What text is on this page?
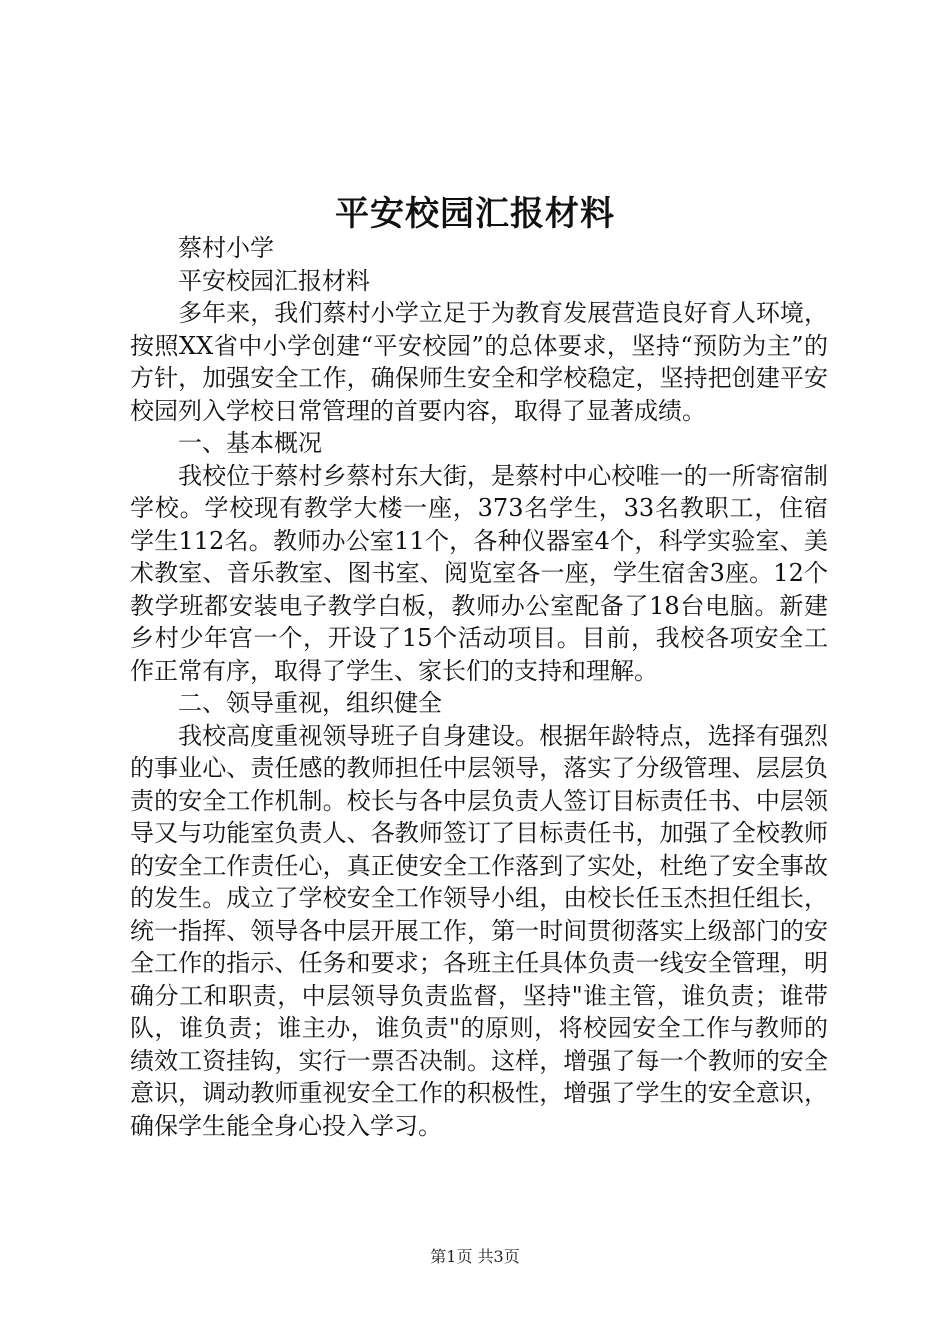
平安校园汇报材料

蔡村小学

平安校园汇报材料

多年来，我们蔡村小学立足于为教育发展营造良好育人环境，按照XX省中小学创建“平安校园”的总体要求，坚持“预防为主”的方针，加强安全工作，确保师生安全和学校稳定，坚持把创建平安校园列入学校日常管理的首要内容，取得了显著成绩。

一、基本概况

我校位于蔡村乡蔡村东大街，是蔡村中心校唯一的一所寄宿制学校。学校现有教学大楼一座，373名学生，33名教职工，住宿学生112名。教师办公室11个，各种仪器室4个，科学实验室、美术教室、音乐教室、图书室、阅览室各一座，学生宿舍3座。12个教学班都安装电子教学白板，教师办公室配备了18台电脑。新建乡村少年宫一个，开设了15个活动项目。目前，我校各项安全工作正常有序，取得了学生、家长们的支持和理解。

二、领导重视，组织健全

我校高度重视领导班子自身建设。根据年龄特点，选择有强烈的事业心、责任感的教师担任中层领导，落实了分级管理、层层负责的安全工作机制。校长与各中层负责人签订目标责任书、中层领导又与功能室负责人、各教师签订了目标责任书，加强了全校教师的安全工作责任心，真正使安全工作落到了实处，杜绝了安全事故的发生。成立了学校安全工作领导小组，由校长任玉杰担任组长，统一指挥、领导各中层开展工作，第一时间贯彻落实上级部门的安全工作的指示、任务和要求；各班主任具体负责一线安全管理，明确分工和职责，中层领导负责监督，坚持"谁主管，谁负责；谁带队，谁负责；谁主办，谁负责"的原则，将校园安全工作与教师的绩效工资挂钩，实行一票否决制。这样，增强了每一个教师的安全意识，调动教师重视安全工作的积极性，增强了学生的安全意识，确保学生能全身心投入学习。

第1页 共3页
